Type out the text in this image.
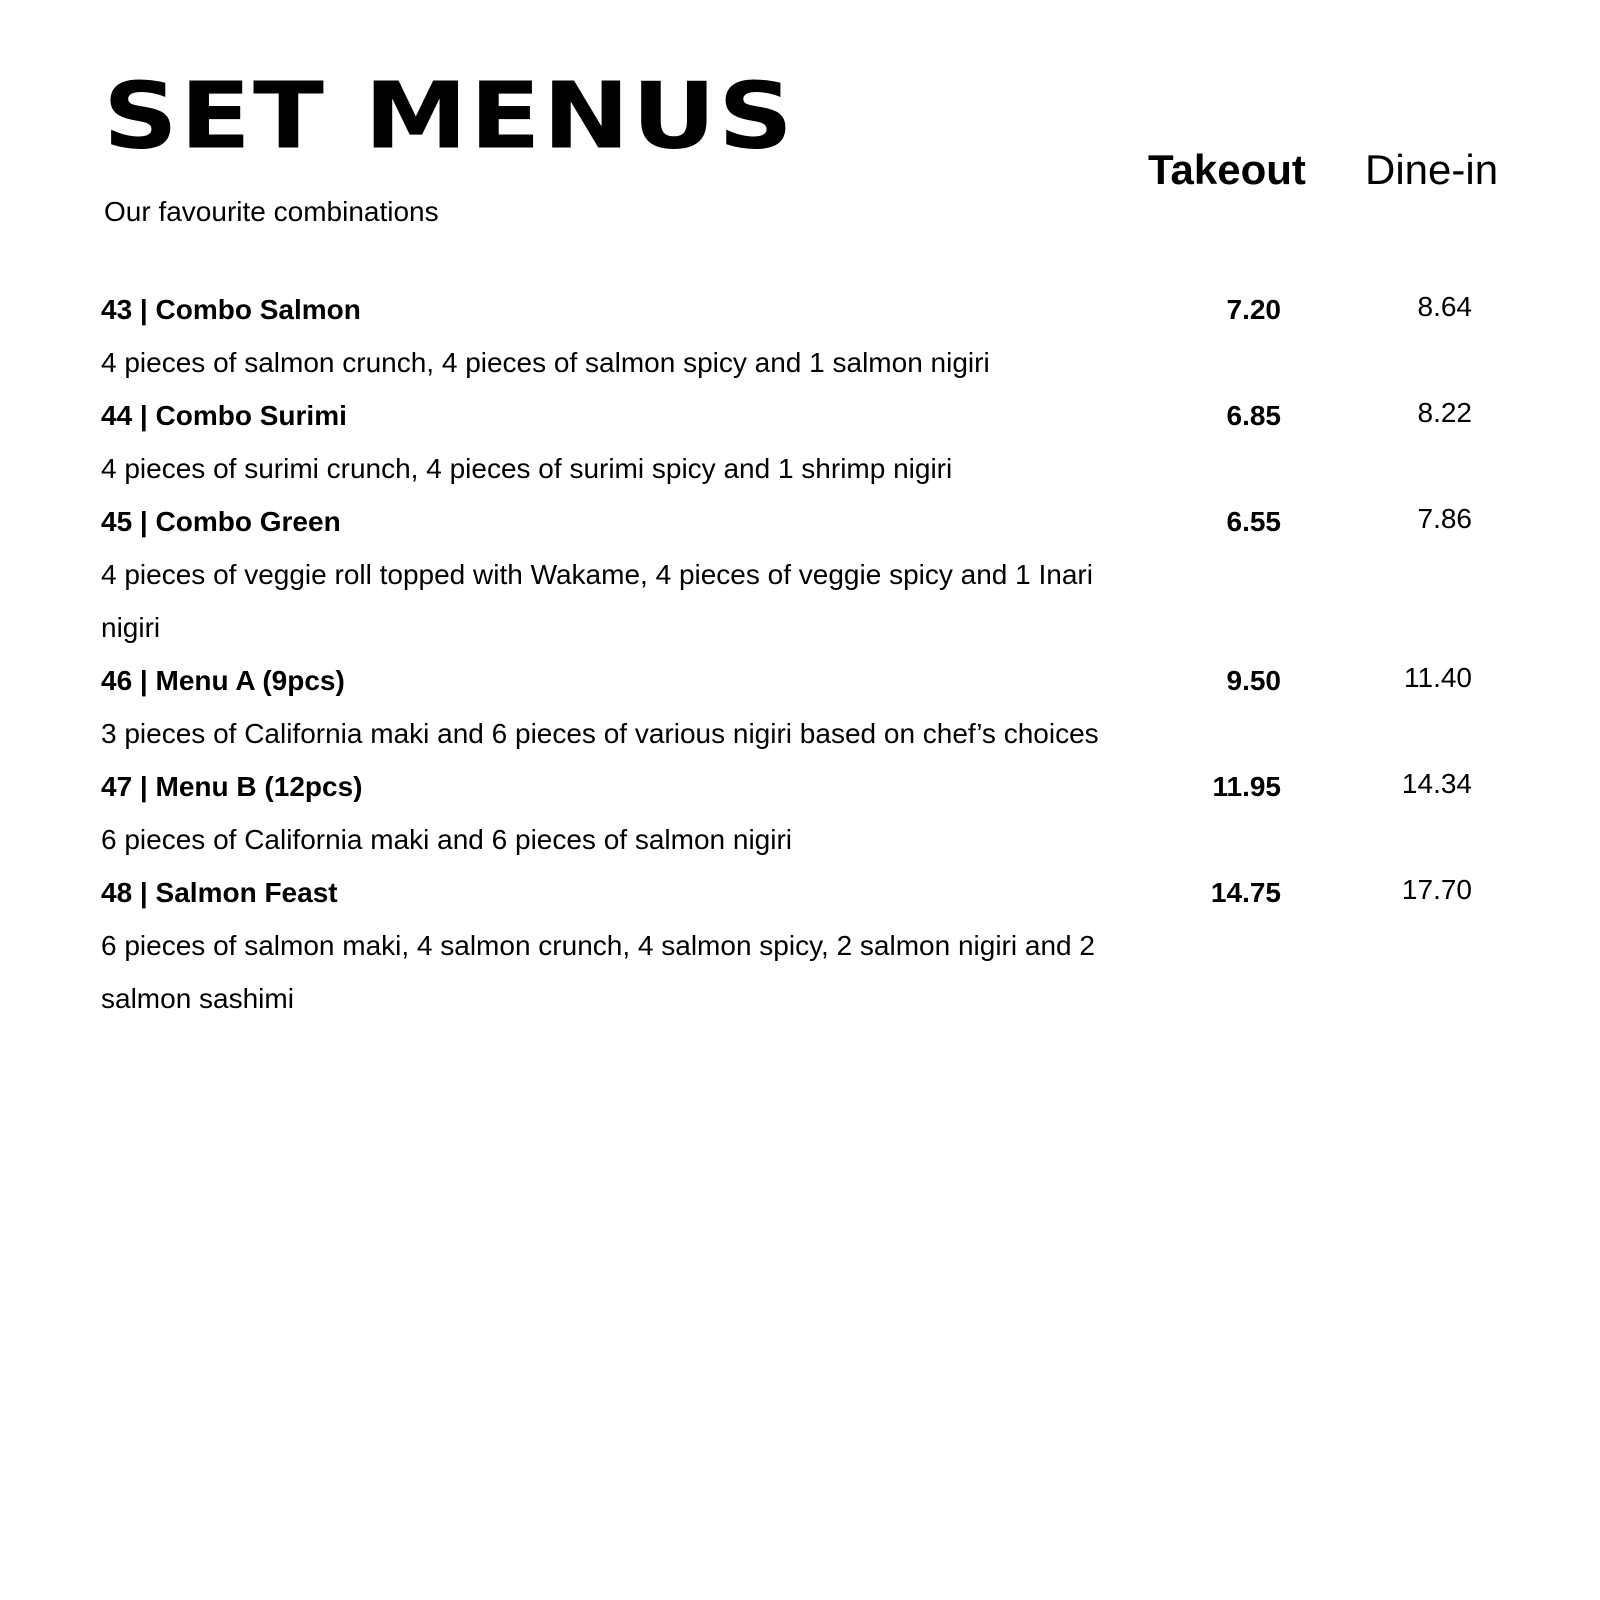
SET MENUS
Our favourite combinations
Takeout Dine-in
43 | Combo Salmon
4 pieces of salmon crunch, 4 pieces of salmon spicy and 1 salmon nigiri
7.20	8.64
44 | Combo Surimi
4 pieces of surimi crunch, 4 pieces of surimi spicy and 1 shrimp nigiri
6.85	8.22
45 | Combo Green
4 pieces of veggie roll topped with Wakame, 4 pieces of veggie spicy and 1 Inari nigiri
6.55	7.86
46 | Menu A (9pcs)
3 pieces of California maki and 6 pieces of various nigiri based on chef’s choices
9.50	11.40
47 | Menu B (12pcs)
6 pieces of California maki and 6 pieces of salmon nigiri
11.95	14.34
48 | Salmon Feast
6 pieces of salmon maki, 4 salmon crunch, 4 salmon spicy, 2 salmon nigiri and 2 salmon sashimi
14.75	17.70
